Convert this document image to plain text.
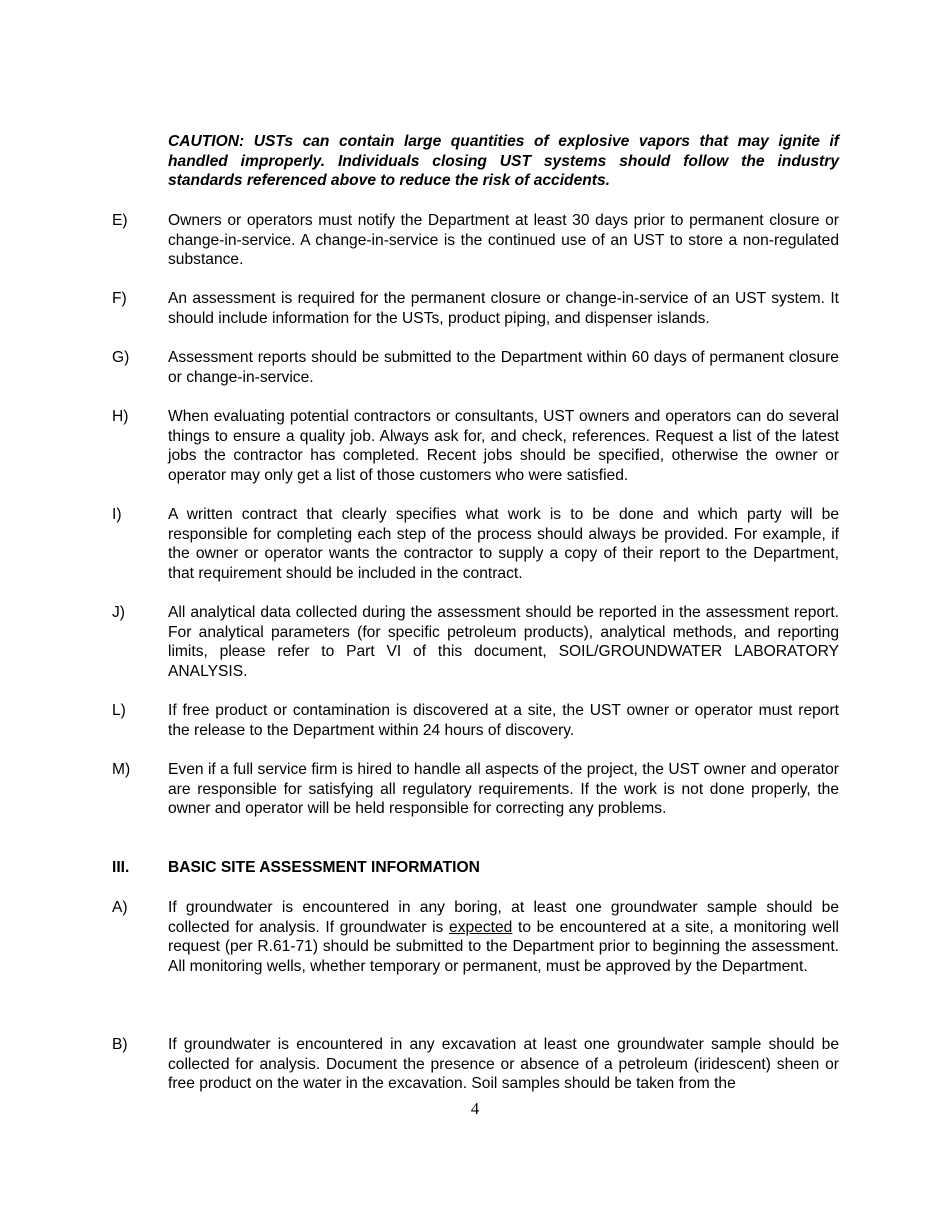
CAUTION: USTs can contain large quantities of explosive vapors that may ignite if handled improperly. Individuals closing UST systems should follow the industry standards referenced above to reduce the risk of accidents.
E)	Owners or operators must notify the Department at least 30 days prior to permanent closure or change-in-service. A change-in-service is the continued use of an UST to store a non-regulated substance.
F)	An assessment is required for the permanent closure or change-in-service of an UST system. It should include information for the USTs, product piping, and dispenser islands.
G)	Assessment reports should be submitted to the Department within 60 days of permanent closure or change-in-service.
H)	When evaluating potential contractors or consultants, UST owners and operators can do several things to ensure a quality job. Always ask for, and check, references. Request a list of the latest jobs the contractor has completed. Recent jobs should be specified, otherwise the owner or operator may only get a list of those customers who were satisfied.
I)	A written contract that clearly specifies what work is to be done and which party will be responsible for completing each step of the process should always be provided. For example, if the owner or operator wants the contractor to supply a copy of their report to the Department, that requirement should be included in the contract.
J)	All analytical data collected during the assessment should be reported in the assessment report. For analytical parameters (for specific petroleum products), analytical methods, and reporting limits, please refer to Part VI of this document, SOIL/GROUNDWATER LABORATORY ANALYSIS.
L)	If free product or contamination is discovered at a site, the UST owner or operator must report the release to the Department within 24 hours of discovery.
M)	Even if a full service firm is hired to handle all aspects of the project, the UST owner and operator are responsible for satisfying all regulatory requirements. If the work is not done properly, the owner and operator will be held responsible for correcting any problems.
III. BASIC SITE ASSESSMENT INFORMATION
A)	If groundwater is encountered in any boring, at least one groundwater sample should be collected for analysis. If groundwater is expected to be encountered at a site, a monitoring well request (per R.61-71) should be submitted to the Department prior to beginning the assessment. All monitoring wells, whether temporary or permanent, must be approved by the Department.
B)	If groundwater is encountered in any excavation at least one groundwater sample should be collected for analysis. Document the presence or absence of a petroleum (iridescent) sheen or free product on the water in the excavation. Soil samples should be taken from the
4
